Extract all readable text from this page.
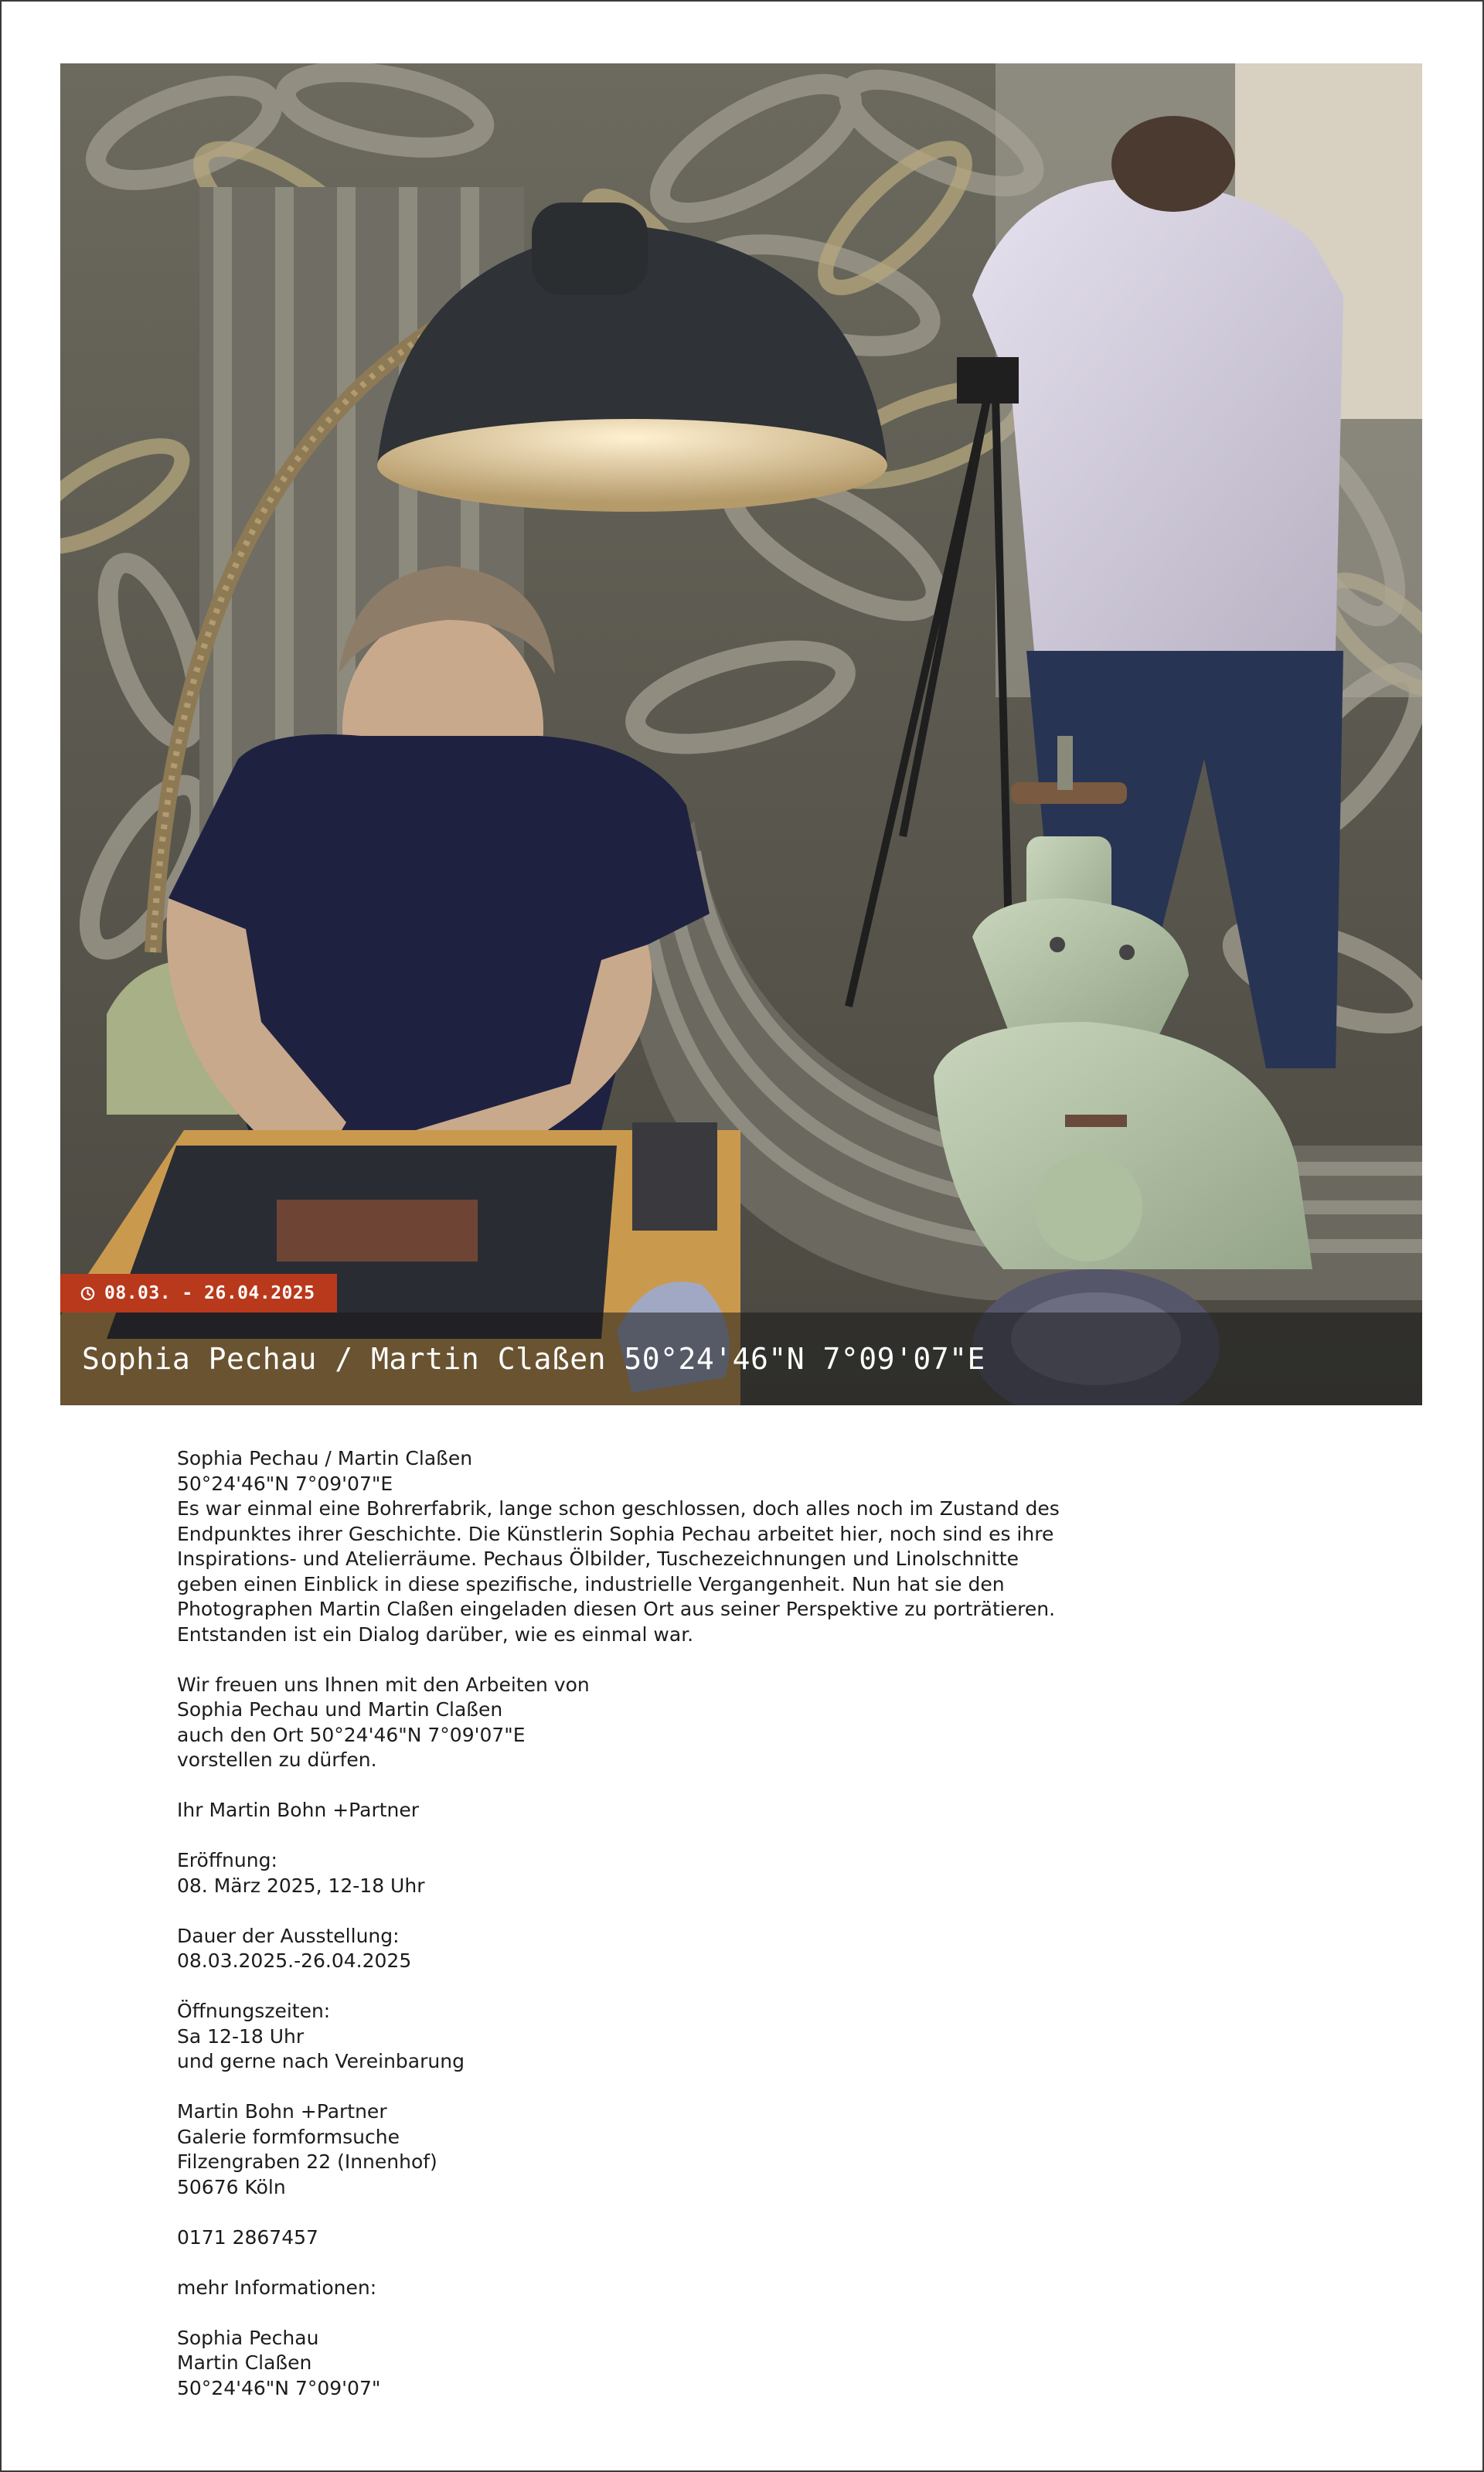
08.03. - 26.04.2025
Sophia Pechau / Martin Claßen 50°24'46"N 7°09'07"E
Sophia Pechau / Martin Claßen
50°24'46"N 7°09'07"E
Es war einmal eine Bohrerfabrik, lange schon geschlossen, doch alles noch im Zustand des
Endpunktes ihrer Geschichte. Die Künstlerin Sophia Pechau arbeitet hier, noch sind es ihre
Inspirations- und Atelierräume. Pechaus Ölbilder, Tuschezeichnungen und Linolschnitte
geben einen Einblick in diese spezifische, industrielle Vergangenheit. Nun hat sie den
Photographen Martin Claßen eingeladen diesen Ort aus seiner Perspektive zu porträtieren.
Entstanden ist ein Dialog darüber, wie es einmal war.
Wir freuen uns Ihnen mit den Arbeiten von
Sophia Pechau und Martin Claßen
auch den Ort 50°24'46"N 7°09'07"E
vorstellen zu dürfen.
Ihr Martin Bohn +Partner
Eröffnung:
08. März 2025, 12-18 Uhr
Dauer der Ausstellung:
08.03.2025.-26.04.2025
Öffnungszeiten:
Sa 12-18 Uhr
und gerne nach Vereinbarung
Martin Bohn +Partner
Galerie formformsuche
Filzengraben 22 (Innenhof)
50676 Köln
0171 2867457
mehr Informationen:
Sophia Pechau
Martin Claßen
50°24'46"N 7°09'07"
